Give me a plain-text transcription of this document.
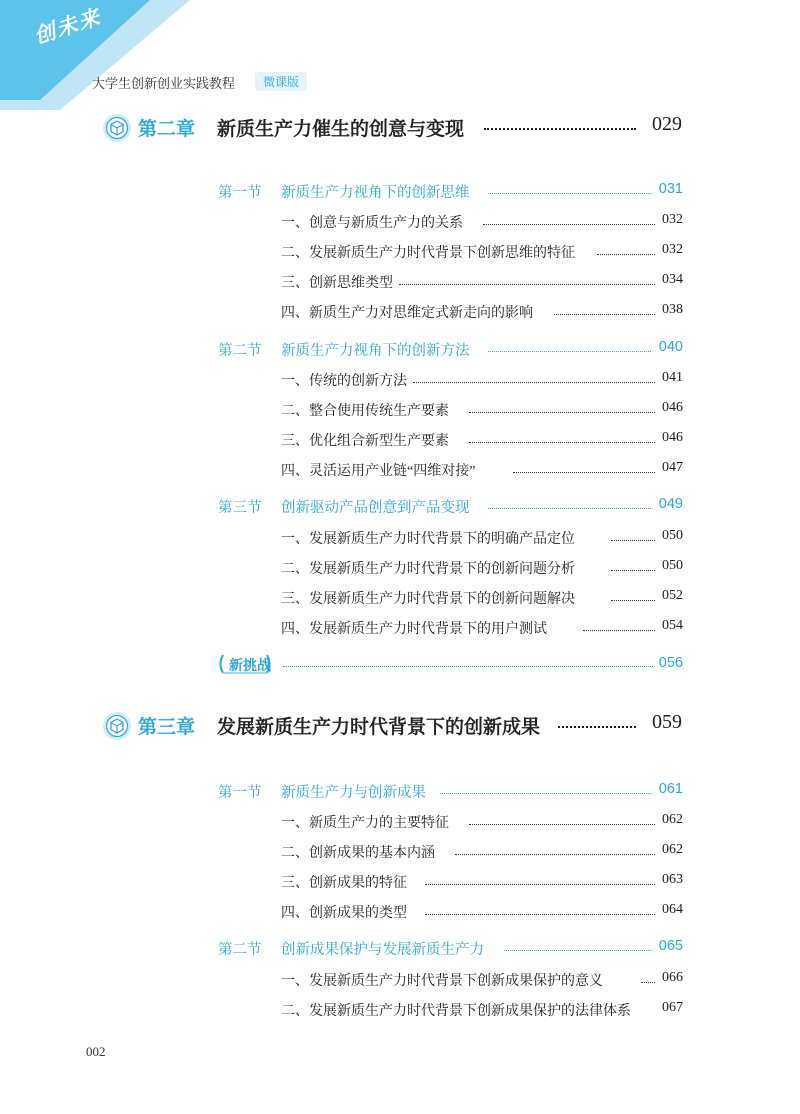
创未来
大学生创新创业实践教程	微课版
第二章 新质生产力催生的创意与变现	029
第一节 新质生产力视角下的创新思维	031
一、创意与新质生产力的关系	032
二、发展新质生产力时代背景下创新思维的特征	032
三、创新思维类型	034
四、新质生产力对思维定式新走向的影响	038
第二节 新质生产力视角下的创新方法	040
一、传统的创新方法	041
二、整合使用传统生产要素	046
三、优化组合新型生产要素	046
四、灵活运用产业链“四维对接”	047
第三节 创新驱动产品创意到产品变现	049
一、发展新质生产力时代背景下的明确产品定位	050
二、发展新质生产力时代背景下的创新问题分析	050
三、发展新质生产力时代背景下的创新问题解决	052
四、发展新质生产力时代背景下的用户测试	054
新挑战	056
第三章 发展新质生产力时代背景下的创新成果	059
第一节 新质生产力与创新成果	061
一、新质生产力的主要特征	062
二、创新成果的基本内涵	062
三、创新成果的特征	063
四、创新成果的类型	064
第二节 创新成果保护与发展新质生产力	065
一、发展新质生产力时代背景下创新成果保护的意义	066
二、发展新质生产力时代背景下创新成果保护的法律体系 067
002
